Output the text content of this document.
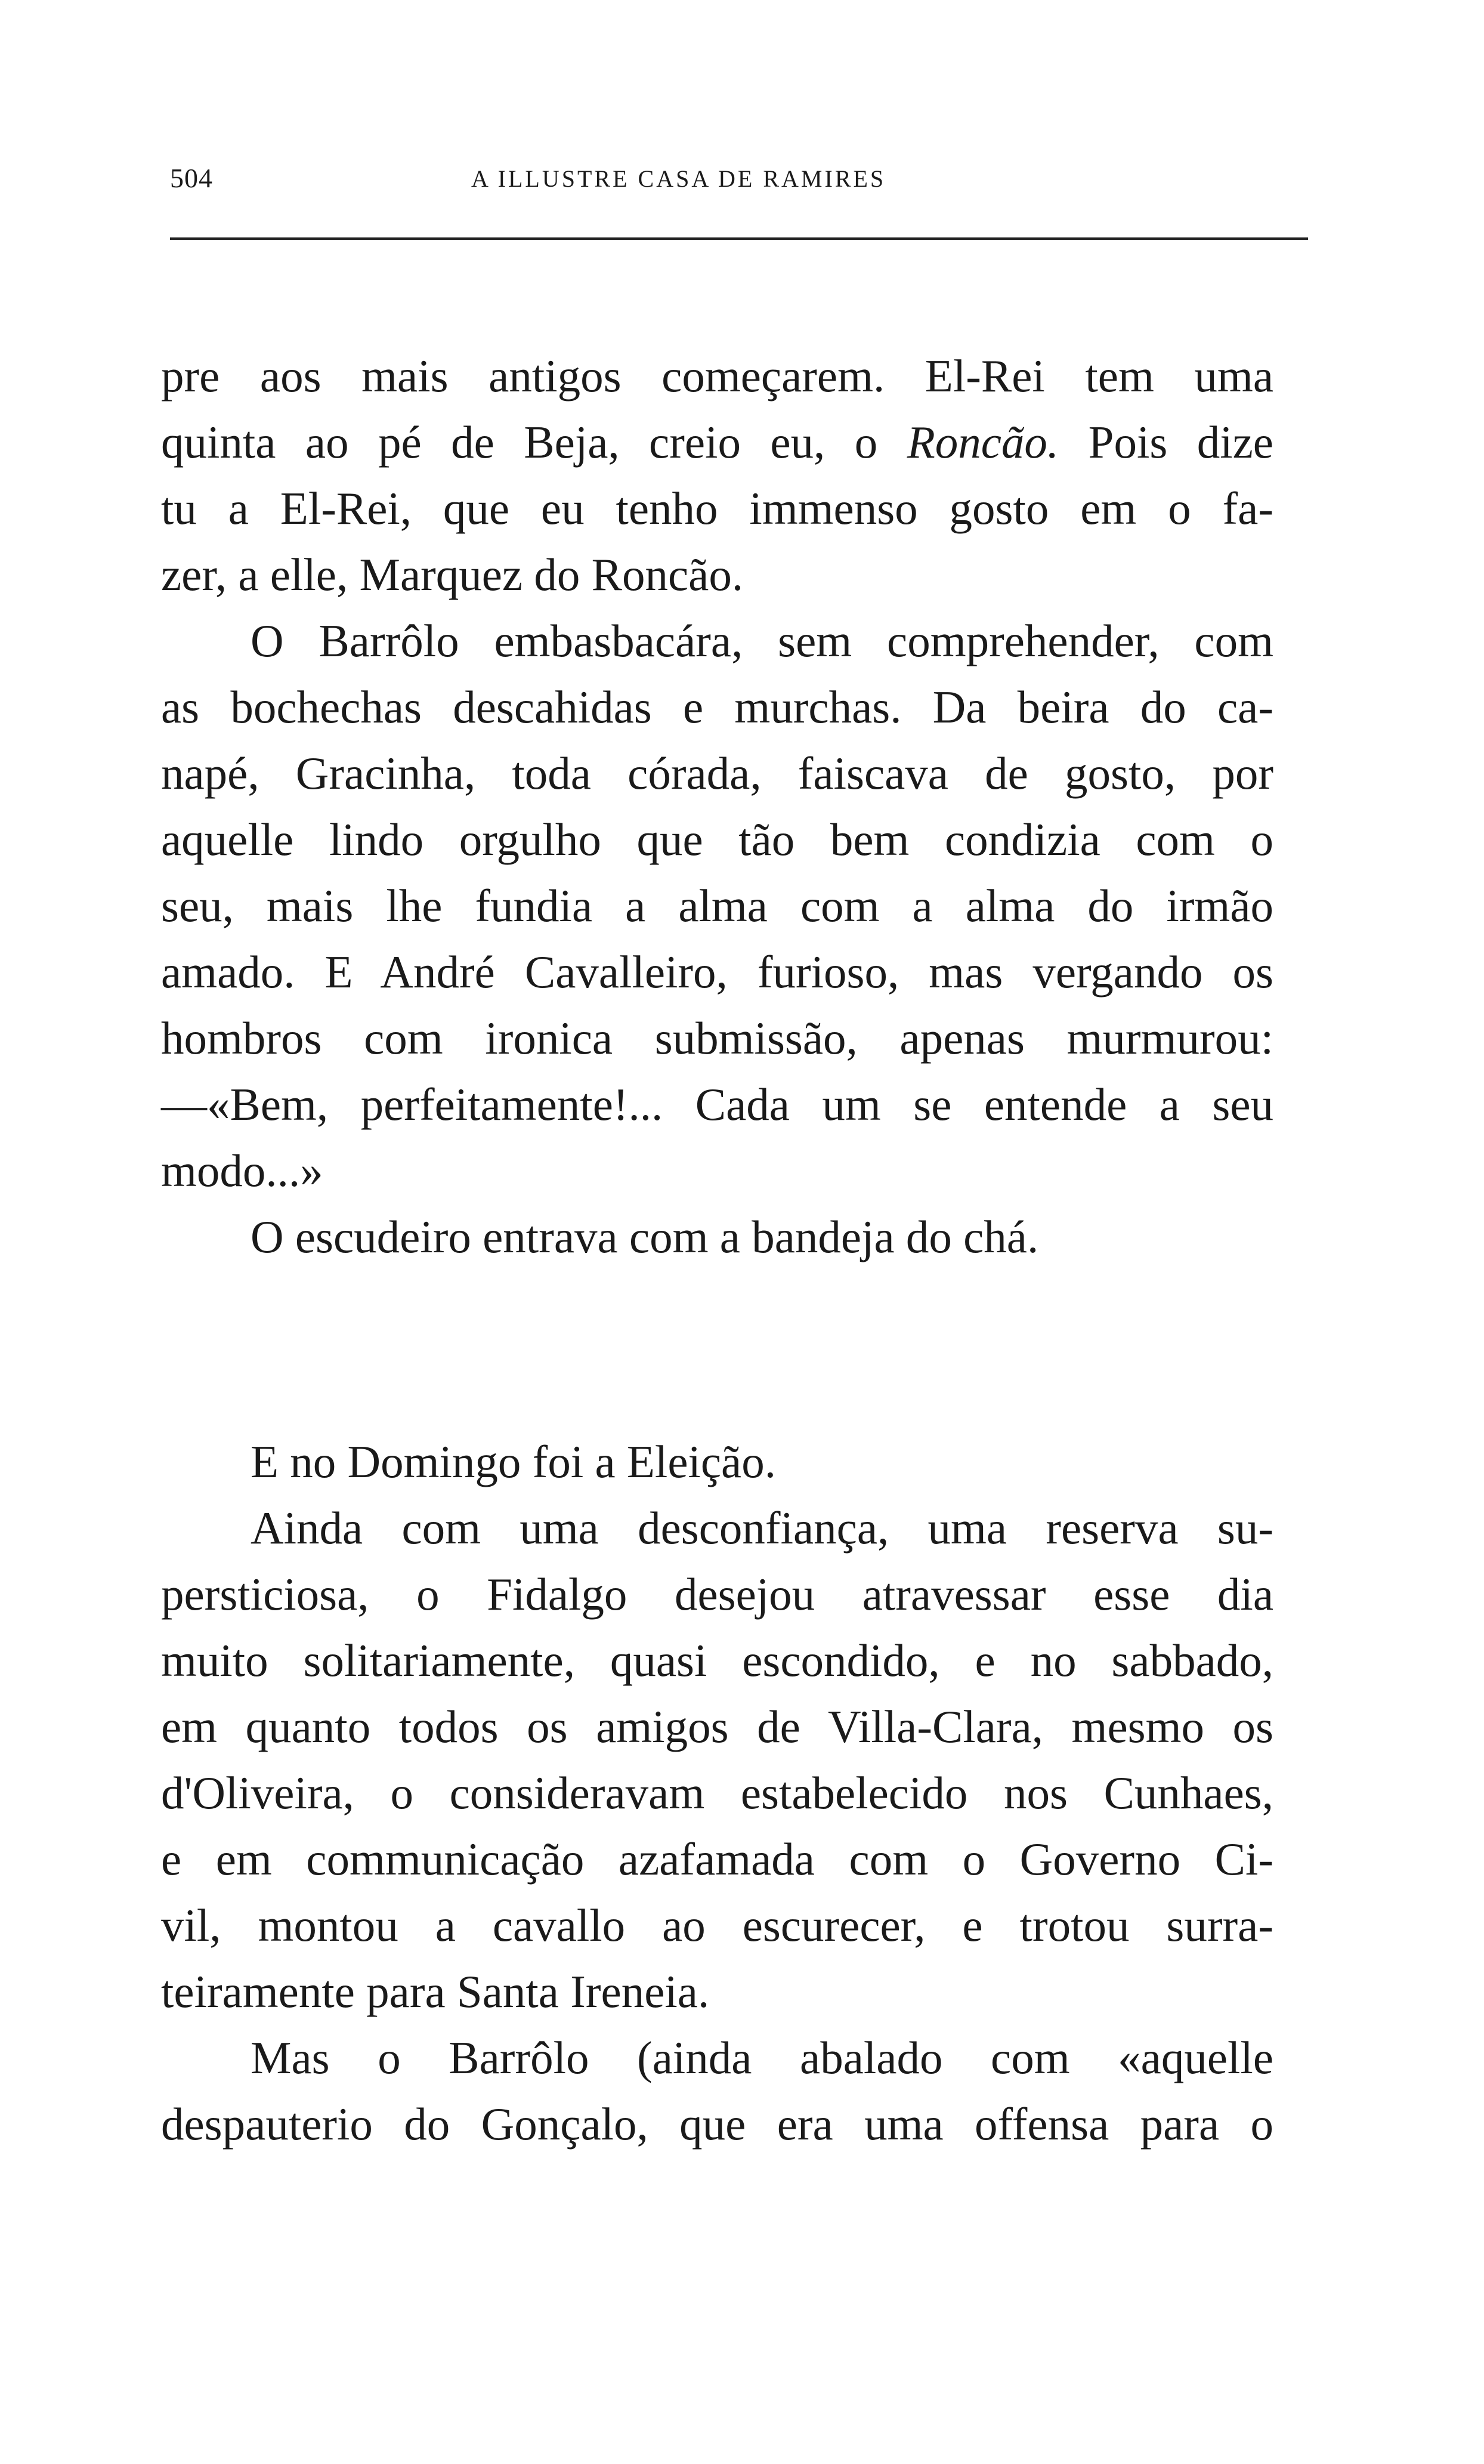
504	A ILLUSTRE CASA DE RAMIRES
pre aos mais antigos começarem. El-Rei tem uma
quinta ao pé de Beja, creio eu, o Roncão. Pois dize
tu a El-Rei, que eu tenho immenso gosto em o fa-
zer, a elle, Marquez do Roncão.
O Barrôlo embasbacára, sem comprehender, com
as bochechas descahidas e murchas. Da beira do ca-
napé, Gracinha, toda córada, faiscava de gosto, por
aquelle lindo orgulho que tão bem condizia com o
seu, mais lhe fundia a alma com a alma do irmão
amado. E André Cavalleiro, furioso, mas vergando os
hombros com ironica submissão, apenas murmurou:
—«Bem, perfeitamente!... Cada um se entende a seu
modo...»
O escudeiro entrava com a bandeja do chá.
E no Domingo foi a Eleição.
Ainda com uma desconfiança, uma reserva su-
persticiosa, o Fidalgo desejou atravessar esse dia
muito solitariamente, quasi escondido, e no sabbado,
em quanto todos os amigos de Villa-Clara, mesmo os
d'Oliveira, o consideravam estabelecido nos Cunhaes,
e em communicação azafamada com o Governo Ci-
vil, montou a cavallo ao escurecer, e trotou surra-
teiramente para Santa Ireneia.
Mas o Barrôlo (ainda abalado com «aquelle
despauterio do Gonçalo, que era uma offensa para o
